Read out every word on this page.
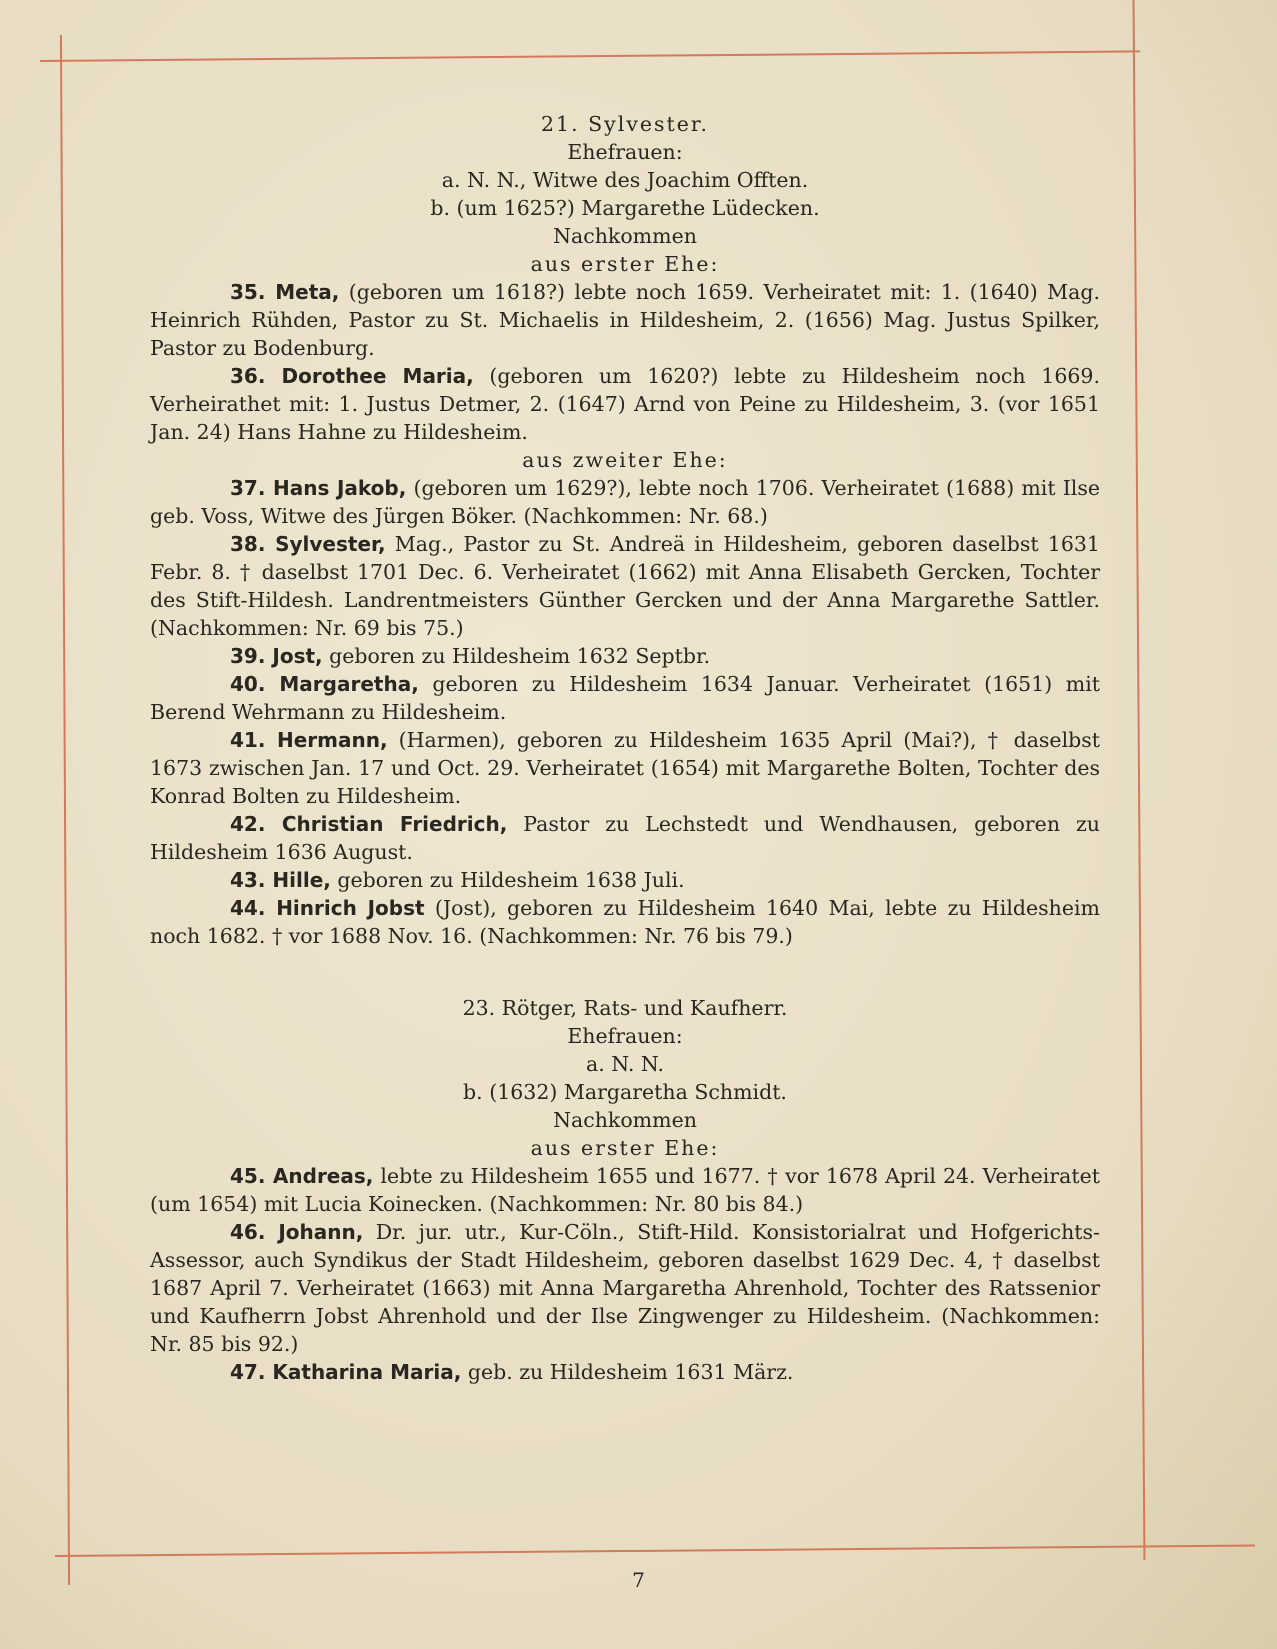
21. Sylvester.
Ehefrauen:
a. N. N., Witwe des Joachim Offten.
b. (um 1625?) Margarethe Lüdecken.
Nachkommen
aus erster Ehe:

35. Meta, (geboren um 1618?) lebte noch 1659. Verheiratet mit: 1. (1640) Mag. Heinrich Rühden, Pastor zu St. Michaelis in Hildesheim, 2. (1656) Mag. Justus Spilker, Pastor zu Bodenburg.

36. Dorothee Maria, (geboren um 1620?) lebte zu Hildesheim noch 1669. Verheirathet mit: 1. Justus Detmer, 2. (1647) Arnd von Peine zu Hildesheim, 3. (vor 1651 Jan. 24) Hans Hahne zu Hildesheim.

aus zweiter Ehe:

37. Hans Jakob, (geboren um 1629?), lebte noch 1706. Verheiratet (1688) mit Ilse geb. Voss, Witwe des Jürgen Böker. (Nachkommen: Nr. 68.)

38. Sylvester, Mag., Pastor zu St. Andreä in Hildesheim, geboren daselbst 1631 Febr. 8. † daselbst 1701 Dec. 6. Verheiratet (1662) mit Anna Elisabeth Gercken, Tochter des Stift-Hildesh. Landrentmeisters Günther Gercken und der Anna Margarethe Sattler. (Nachkommen: Nr. 69 bis 75.)

39. Jost, geboren zu Hildesheim 1632 Septbr.

40. Margaretha, geboren zu Hildesheim 1634 Januar. Verheiratet (1651) mit Berend Wehrmann zu Hildesheim.

41. Hermann, (Harmen), geboren zu Hildesheim 1635 April (Mai?), † daselbst 1673 zwischen Jan. 17 und Oct. 29. Verheiratet (1654) mit Margarethe Bolten, Tochter des Konrad Bolten zu Hildesheim.

42. Christian Friedrich, Pastor zu Lechstedt und Wendhausen, geboren zu Hildesheim 1636 August.

43. Hille, geboren zu Hildesheim 1638 Juli.

44. Hinrich Jobst (Jost), geboren zu Hildesheim 1640 Mai, lebte zu Hildesheim noch 1682. † vor 1688 Nov. 16. (Nachkommen: Nr. 76 bis 79.)

23. Rötger, Rats- und Kaufherr.
Ehefrauen:
a. N. N.
b. (1632) Margaretha Schmidt.
Nachkommen
aus erster Ehe:

45. Andreas, lebte zu Hildesheim 1655 und 1677. † vor 1678 April 24. Verheiratet (um 1654) mit Lucia Koinecken. (Nachkommen: Nr. 80 bis 84.)

46. Johann, Dr. jur. utr., Kur-Cöln., Stift-Hild. Konsistorialrat und Hofgerichts-Assessor, auch Syndikus der Stadt Hildesheim, geboren daselbst 1629 Dec. 4, † daselbst 1687 April 7. Verheiratet (1663) mit Anna Margaretha Ahrenhold, Tochter des Ratssenior und Kaufherrn Jobst Ahrenhold und der Ilse Zingwenger zu Hildesheim. (Nachkommen: Nr. 85 bis 92.)

47. Katharina Maria, geb. zu Hildesheim 1631 März.

7
